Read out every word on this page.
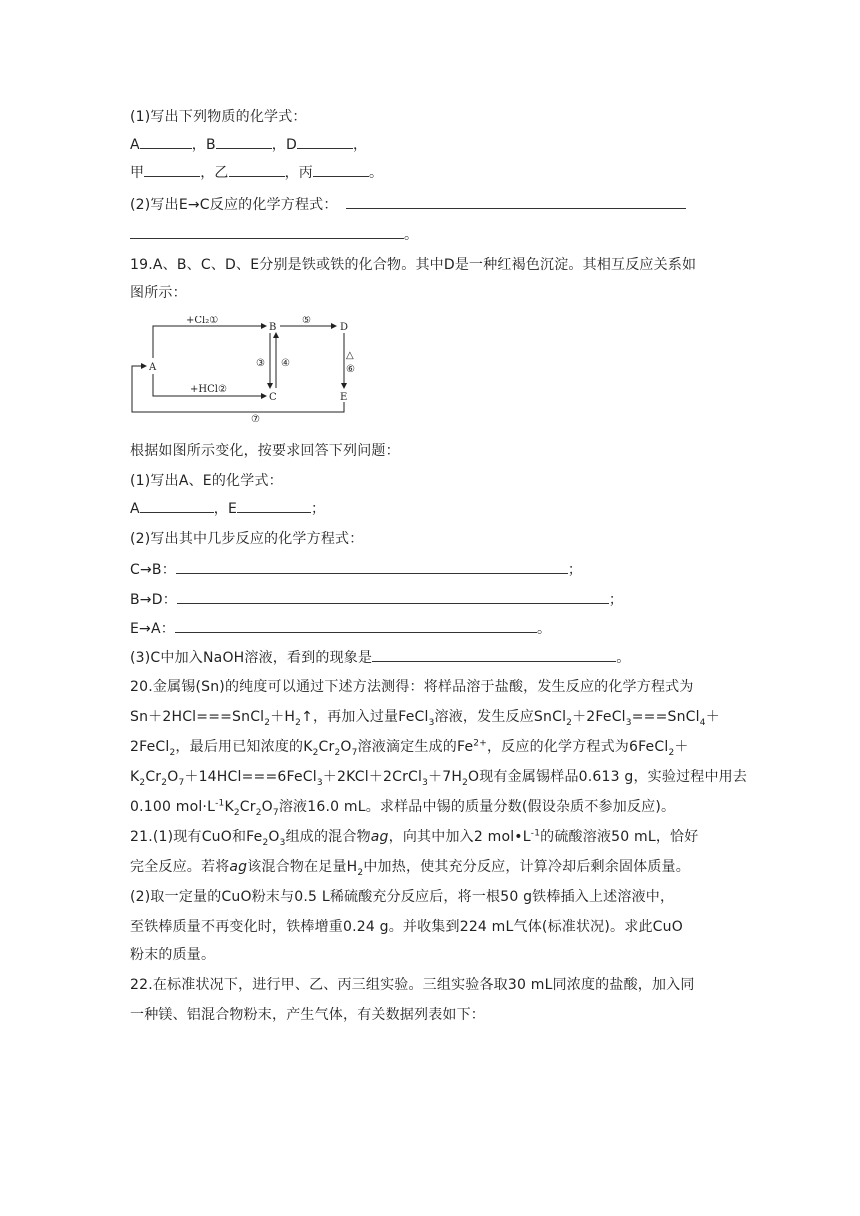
(1)写出下列物质的化学式：
A	，B	，D	，
甲	，乙	，丙	。
(2)写出E→C反应的化学方程式：
。
19.A、B、C、D、E分别是铁或铁的化合物。其中D是一种红褐色沉淀。其相互反应关系如
图所示：
A
B
C
D
E
+Cl₂①
+HCl②
③ ④
⑤
△
⑥
⑦
根据如图所示变化，按要求回答下列问题：
(1)写出A、E的化学式：
A	，E	；
(2)写出其中几步反应的化学方程式：
C→B：	；
B→D：	；
E→A：	。
(3)C中加入NaOH溶液，看到的现象是	。
20.金属锡(Sn)的纯度可以通过下述方法测得：将样品溶于盐酸，发生反应的化学方程式为
$Sn+2HCl===SnCl_2+H_2↑$，再加入过量FeCl$_3$溶液，发生反应SnCl$_2$＋2FeCl$_3$===SnCl$_4$＋
2FeCl$_2$，最后用已知浓度的$K_2Cr_2O_7$溶液滴定生成的$Fe^{2+}$，反应的化学方程式为6FeCl$_2$＋
$K_2Cr_2O_7+14HCl===6FeCl_3+2KCl+2CrCl_3+7H_2O$现有金属锡样品0.613 g，实验过程中用去
0.100 $mol\cdot L^{-1}K_2Cr_2O_7$溶液16.0 mL。求样品中锡的质量分数(假设杂质不参加反应)。
21.(1)现有CuO和$Fe_2O_3$组成的混合物ag，向其中加入2 $mol•L^{-1}$的硫酸溶液50 mL，恰好
完全反应。若将ag该混合物在足量$H_2$中加热，使其充分反应，计算冷却后剩余固体质量。
(2)取一定量的CuO粉末与0.5 L稀硫酸充分反应后，将一根50 g铁棒插入上述溶液中，
至铁棒质量不再变化时，铁棒增重0.24 g。并收集到224 mL气体(标准状况)。求此CuO
粉末的质量。
22.在标准状况下，进行甲、乙、丙三组实验。三组实验各取30 mL同浓度的盐酸，加入同
一种镁、铝混合物粉末，产生气体，有关数据列表如下：
